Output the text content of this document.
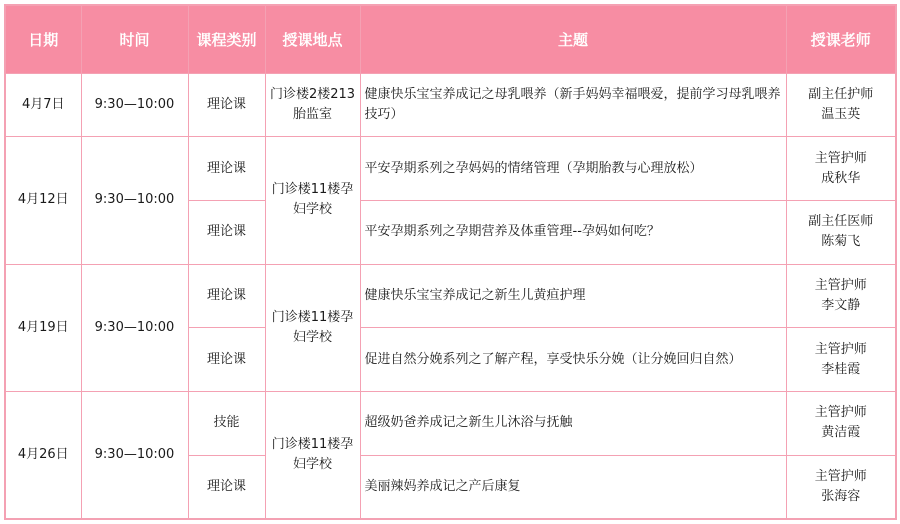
日期	时间	课程类别	授课地点	主题	授课老师
4月7日	9:30—10:00	理论课	门诊楼2楼213胎监室	健康快乐宝宝养成记之母乳喂养（新手妈妈幸福喂爱，提前学习母乳喂养技巧）	副主任护师
温玉英

4月12日	9:30—10:00	理论课	门诊楼11楼孕妇学校	平安孕期系列之孕妈妈的情绪管理（孕期胎教与心理放松）	主管护师
成秋华

		理论课		平安孕期系列之孕期营养及体重管理--孕妈如何吃？	副主任医师
陈菊飞

4月19日	9:30—10:00	理论课	门诊楼11楼孕妇学校	健康快乐宝宝养成记之新生儿黄疸护理	主管护师
李文静

		理论课		促进自然分娩系列之了解产程，享受快乐分娩（让分娩回归自然）	主管护师
李桂霞

4月26日	9:30—10:00	技能	门诊楼11楼孕妇学校	超级奶爸养成记之新生儿沐浴与抚触	主管护师
黄洁霞

		理论课		美丽辣妈养成记之产后康复	主管护师
张海容
